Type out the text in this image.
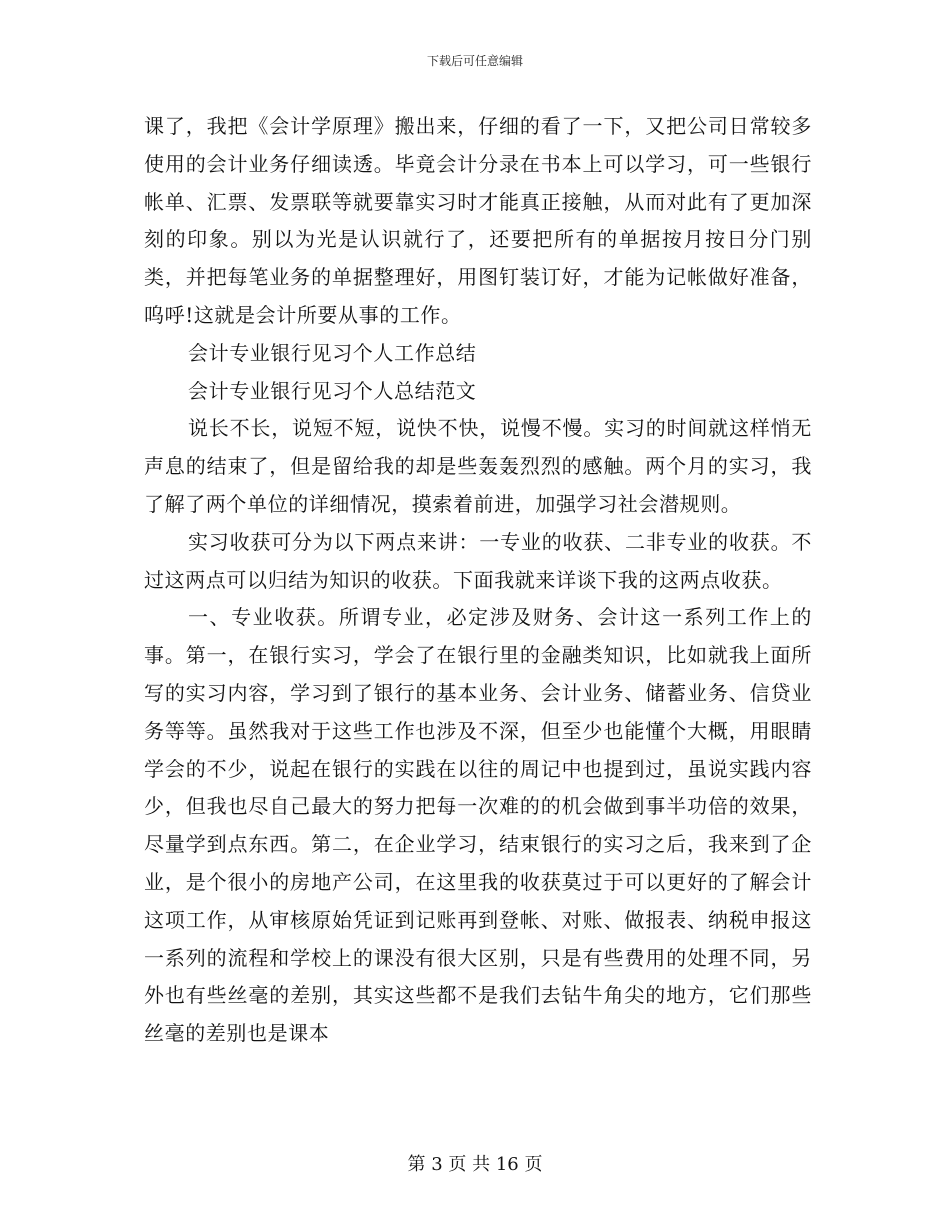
下载后可任意编辑

课了，我把《会计学原理》搬出来，仔细的看了一下，又把公司日常较多使用的会计业务仔细读透。毕竟会计分录在书本上可以学习，可一些银行帐单、汇票、发票联等就要靠实习时才能真正接触，从而对此有了更加深刻的印象。别以为光是认识就行了，还要把所有的单据按月按日分门别类，并把每笔业务的单据整理好，用图钉装订好，才能为记帐做好准备，呜呼!这就是会计所要从事的工作。

会计专业银行见习个人工作总结

会计专业银行见习个人总结范文

说长不长，说短不短，说快不快，说慢不慢。实习的时间就这样悄无声息的结束了，但是留给我的却是些轰轰烈烈的感触。两个月的实习，我了解了两个单位的详细情况，摸索着前进，加强学习社会潜规则。

实习收获可分为以下两点来讲：一专业的收获、二非专业的收获。不过这两点可以归结为知识的收获。下面我就来详谈下我的这两点收获。

一、专业收获。所谓专业，必定涉及财务、会计这一系列工作上的事。第一，在银行实习，学会了在银行里的金融类知识，比如就我上面所写的实习内容，学习到了银行的基本业务、会计业务、储蓄业务、信贷业务等等。虽然我对于这些工作也涉及不深，但至少也能懂个大概，用眼睛学会的不少，说起在银行的实践在以往的周记中也提到过，虽说实践内容少，但我也尽自己最大的努力把每一次难的的机会做到事半功倍的效果，尽量学到点东西。第二，在企业学习，结束银行的实习之后，我来到了企业，是个很小的房地产公司，在这里我的收获莫过于可以更好的了解会计这项工作，从审核原始凭证到记账再到登帐、对账、做报表、纳税申报这一系列的流程和学校上的课没有很大区别，只是有些费用的处理不同，另外也有些丝毫的差别，其实这些都不是我们去钻牛角尖的地方，它们那些丝毫的差别也是课本

第 3 页 共 16 页
